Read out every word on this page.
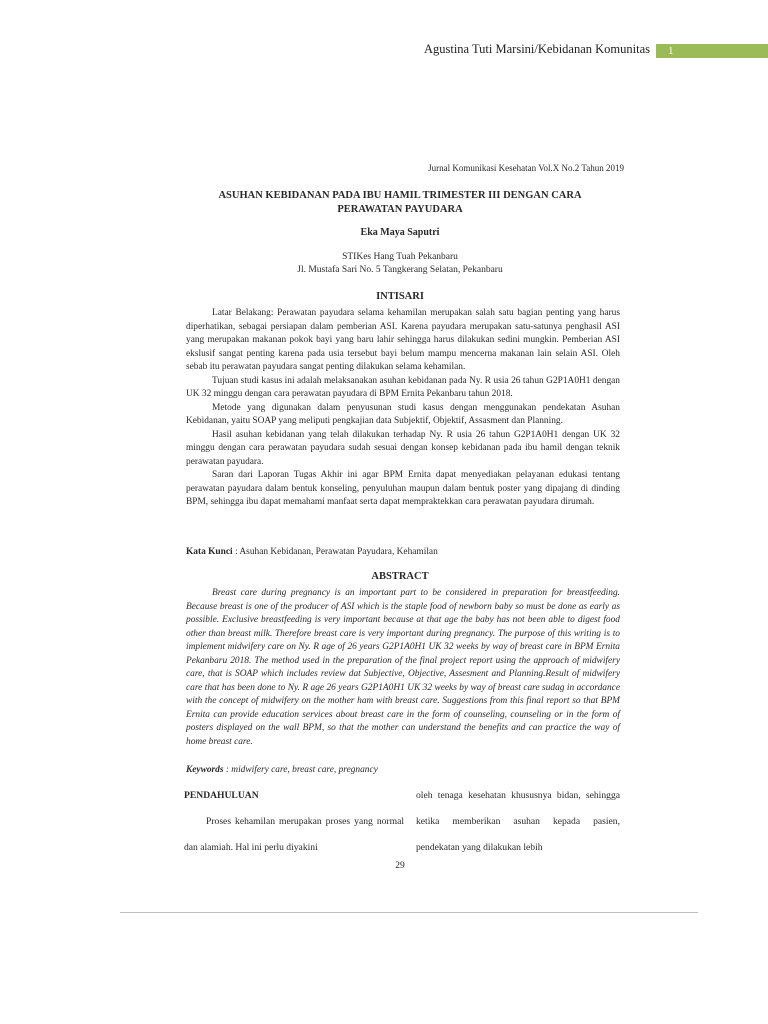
Agustina Tuti Marsini/Kebidanan Komunitas	1
Jurnal Komunikasi Kesehatan Vol.X No.2 Tahun 2019
ASUHAN KEBIDANAN PADA IBU HAMIL TRIMESTER III DENGAN CARA
PERAWATAN PAYUDARA
Eka Maya Saputri
STIKes Hang Tuah Pekanbaru
Jl. Mustafa Sari No. 5 Tangkerang Selatan, Pekanbaru
INTISARI

Latar Belakang: Perawatan payudara selama kehamilan merupakan salah satu bagian penting yang harus diperhatikan, sebagai persiapan dalam pemberian ASI. Karena payudara merupakan satu-satunya penghasil ASI yang merupakan makanan pokok bayi yang baru lahir sehingga harus dilakukan sedini mungkin. Pemberian ASI ekslusif sangat penting karena pada usia tersebut bayi belum mampu mencerna makanan lain selain ASI. Oleh sebab itu perawatan payudara sangat penting dilakukan selama kehamilan.

Tujuan studi kasus ini adalah melaksanakan asuhan kebidanan pada Ny. R usia 26 tahun G2P1A0H1 dengan UK 32 minggu dengan cara perawatan payudara di BPM Ernita Pekanbaru tahun 2018.

Metode yang digunakan dalam penyusunan studi kasus dengan menggunakan pendekatan Asuhan Kebidanan, yaitu SOAP yang meliputi pengkajian data Subjektif, Objektif, Assasment dan Planning.

Hasil asuhan kebidanan yang telah dilakukan terhadap Ny. R usia 26 tahun G2P1A0H1 dengan UK 32 minggu dengan cara perawatan payudara sudah sesuai dengan konsep kebidanan pada ibu hamil dengan teknik perawatan payudara.

Saran dari Laporan Tugas Akhir ini agar BPM Ernita dapat menyediakan pelayanan edukasi tentang perawatan payudara dalam bentuk konseling, penyuluhan maupun dalam bentuk poster yang dipajang di dinding BPM, sehingga ibu dapat memahami manfaat serta dapat mempraktekkan cara perawatan payudara dirumah.

Kata Kunci : Asuhan Kebidanan, Perawatan Payudara, Kehamilan
ABSTRACT

Breast care during pregnancy is an important part to be considered in preparation for breastfeeding. Because breast is one of the producer of ASI which is the staple food of newborn baby so must be done as early as possible. Exclusive breastfeeding is very important because at that age the baby has not been able to digest food other than breast milk. Therefore breast care is very important during pregnancy. The purpose of this writing is to implement midwifery care on Ny. R age of 26 years G2P1A0H1 UK 32 weeks by way of breast care in BPM Ernita Pekanbaru 2018. The method used in the preparation of the final project report using the approach of midwifery care, that is SOAP which includes review dat Subjective, Objective, Assesment and Planning.Result of midwifery care that has been done to Ny. R age 26 years G2P1A0H1 UK 32 weeks by way of breast care sudag in accordance with the concept of midwifery on the mother ham with breast care. Suggestions from this final report so that BPM Ernita can provide education services about breast care in the form of counseling, counseling or in the form of posters displayed on the wall BPM, so that the mother can understand the benefits and can practice the way of home breast care.

Keywords : midwifery care, breast care, pregnancy

PENDAHULUAN

Proses kehamilan merupakan proses yang normal dan alamiah. Hal ini perlu diyakini

oleh tenaga kesehatan khususnya bidan, sehingga ketika memberikan asuhan kepada pasien, pendekatan yang dilakukan lebih

29
